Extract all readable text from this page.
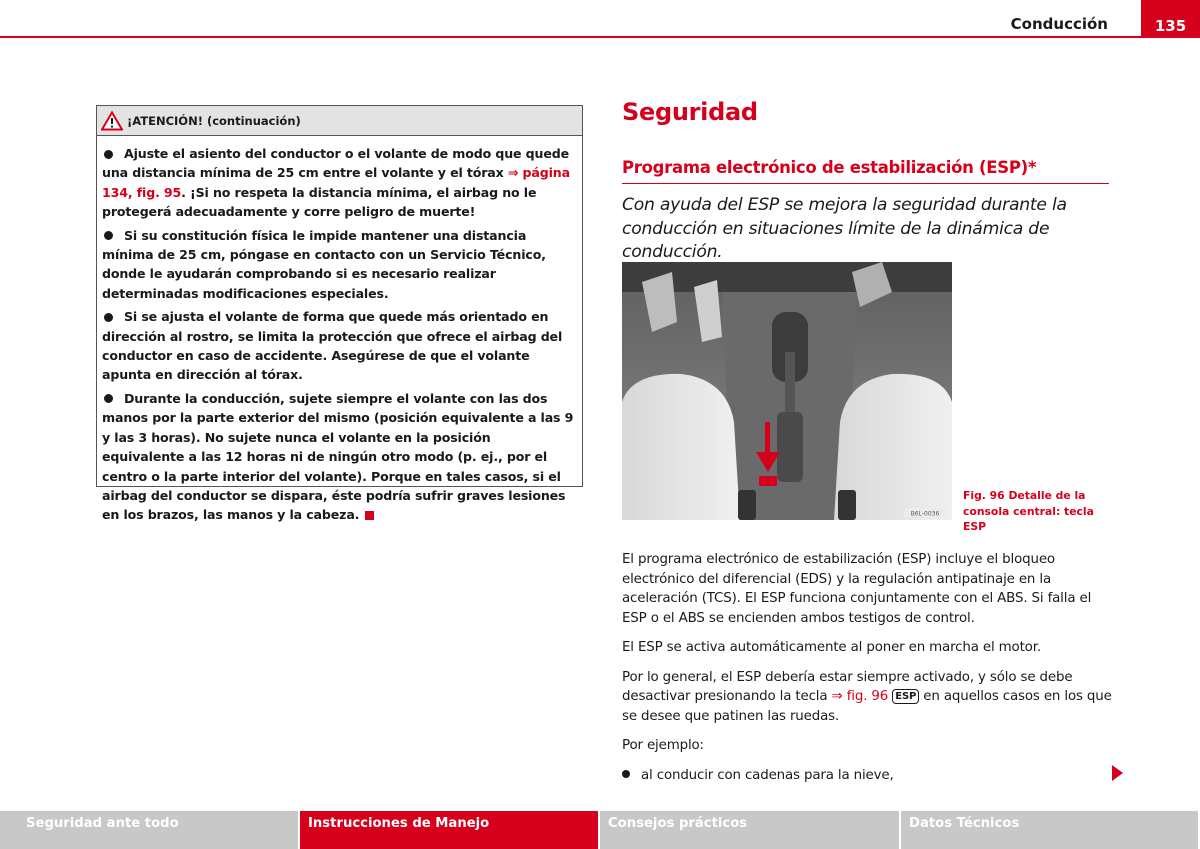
Conducción	135
¡ATENCIÓN! (continuación)

Ajuste el asiento del conductor o el volante de modo que quede una distancia mínima de 25 cm entre el volante y el tórax ⇒ página 134, fig. 95. ¡Si no respeta la distancia mínima, el airbag no le protegerá adecuadamente y corre peligro de muerte!

Si su constitución física le impide mantener una distancia mínima de 25 cm, póngase en contacto con un Servicio Técnico, donde le ayudarán comprobando si es necesario realizar determinadas modificaciones especiales.

Si se ajusta el volante de forma que quede más orientado en dirección al rostro, se limita la protección que ofrece el airbag del conductor en caso de accidente. Asegúrese de que el volante apunta en dirección al tórax.

Durante la conducción, sujete siempre el volante con las dos manos por la parte exterior del mismo (posición equivalente a las 9 y las 3 horas). No sujete nunca el volante en la posición equivalente a las 12 horas ni de ningún otro modo (p. ej., por el centro o la parte interior del volante). Porque en tales casos, si el airbag del conductor se dispara, éste podría sufrir graves lesiones en los brazos, las manos y la cabeza.

Seguridad
Programa electrónico de estabilización (ESP)*
Con ayuda del ESP se mejora la seguridad durante la conducción en situaciones límite de la dinámica de conducción.
B6L-0036
Fig. 96 Detalle de la
consola central: tecla ESP

El programa electrónico de estabilización (ESP) incluye el bloqueo electrónico del diferencial (EDS) y la regulación antipatinaje en la aceleración (TCS). El ESP funciona conjuntamente con el ABS. Si falla el ESP o el ABS se encienden ambos testigos de control.

El ESP se activa automáticamente al poner en marcha el motor.

Por lo general, el ESP debería estar siempre activado, y sólo se debe desactivar presionando la tecla ⇒ fig. 96 ESP en aquellos casos en los que se desee que patinen las ruedas.

Por ejemplo:

al conducir con cadenas para la nieve,

Seguridad ante todo	Instrucciones de Manejo	Consejos prácticos	Datos Técnicos
